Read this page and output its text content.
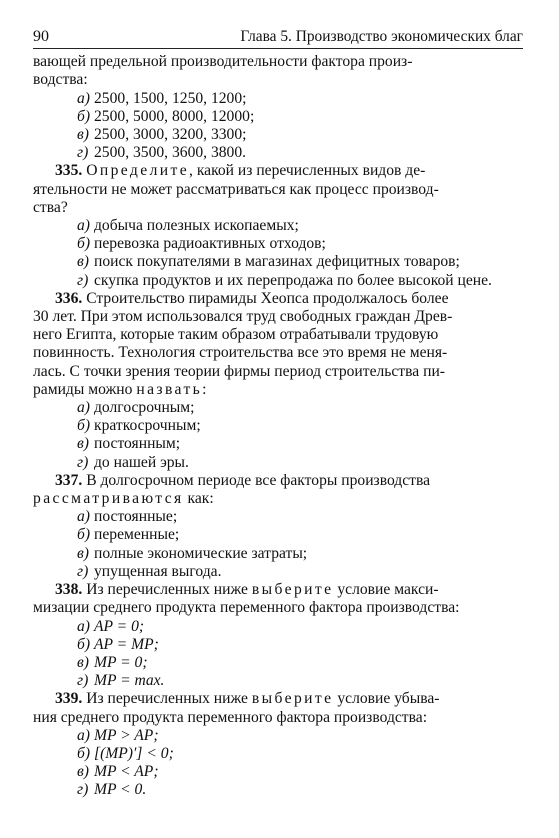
90	Глава 5. Производство экономических благ

вающей предельной производительности фактора произ-

водства:

а) 2500, 1500, 1250, 1200;
б) 2500, 5000, 8000, 12000;
в) 2500, 3000, 3200, 3300;
г) 2500, 3500, 3600, 3800.

335. Определите, какой из перечисленных видов де-

ятельности не может рассматриваться как процесс производ-

ства?

а) добыча полезных ископаемых;
б) перевозка радиоактивных отходов;
в) поиск покупателями в магазинах дефицитных товаров;
г) скупка продуктов и их перепродажа по более высокой цене.

336. Строительство пирамиды Хеопса продолжалось более

30 лет. При этом использовался труд свободных граждан Древ-

него Египта, которые таким образом отрабатывали трудовую

повинность. Технология строительства все это время не меня-

лась. С точки зрения теории фирмы период строительства пи-

рамиды можно назвать:

а) долгосрочным;
б) краткосрочным;
в) постоянным;
г) до нашей эры.

337. В долгосрочном периоде все факторы производства

рассматриваются как:

а) постоянные;
б) переменные;
в) полные экономические затраты;
г) упущенная выгода.

338. Из перечисленных ниже выберите условие макси-

мизации среднего продукта переменного фактора производства:

а) AP = 0;
б) AP = MP;
в) MP = 0;
г) MP = max.

339. Из перечисленных ниже выберите условие убыва-

ния среднего продукта переменного фактора производства:

а) MP > AP;
б) [(MP)′] < 0;
в) MP < AP;
г) MP < 0.
